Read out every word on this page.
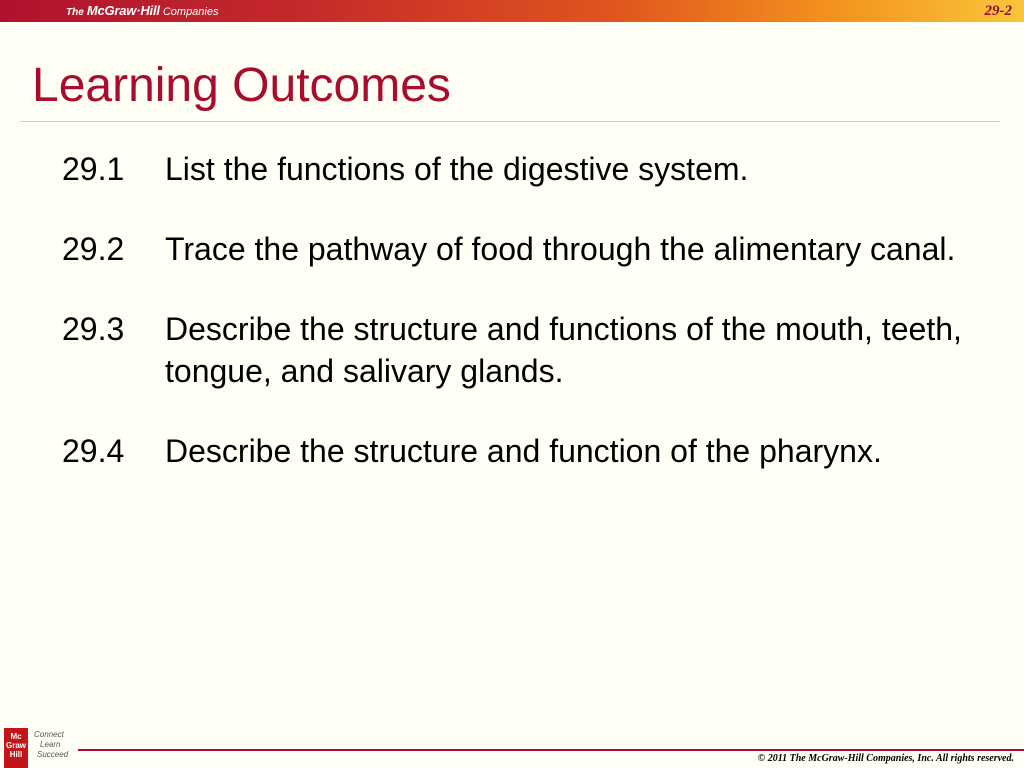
The McGraw·Hill Companies	29-2
Learning Outcomes
29.1	List the functions of the digestive system.
29.2	Trace the pathway of food through the alimentary canal.
29.3	Describe the structure and functions of the mouth, teeth, tongue, and salivary glands.
29.4	Describe the structure and function of the pharynx.
Mc
Graw
Hill
Connect
Learn
Succeed	© 2011 The McGraw-Hill Companies, Inc. All rights reserved.
